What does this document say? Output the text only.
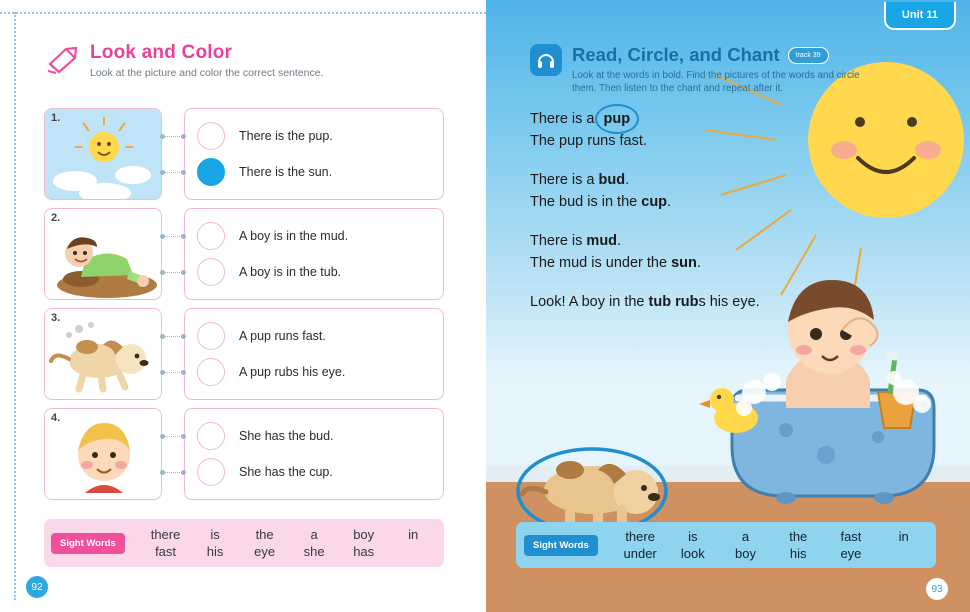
Look and Color

Look at the picture and color the correct sentence.

1.
There is the pup.
There is the sun.
2.
A boy is in the mud.
A boy is in the tub.
3.
A pup runs fast.
A pup rubs his eye.
4.
She has the bud.
She has the cup.
Sight Words
there	is	the	a	boy	in
fast	his	eye	she	has
92
Unit 11
Read, Circle, and Chant track 39

Look at the words in bold. Find the pictures of the words and circle them. Then listen to the chant and repeat after it.

There is a pup .
The pup runs fast.

There is a bud.
The bud is in the cup.

There is mud.
The mud is under the sun.

Look! A boy in the tub rubs his eye.

Sight Words
there	is	a	the	fast	in
under	look	boy	his	eye
93
